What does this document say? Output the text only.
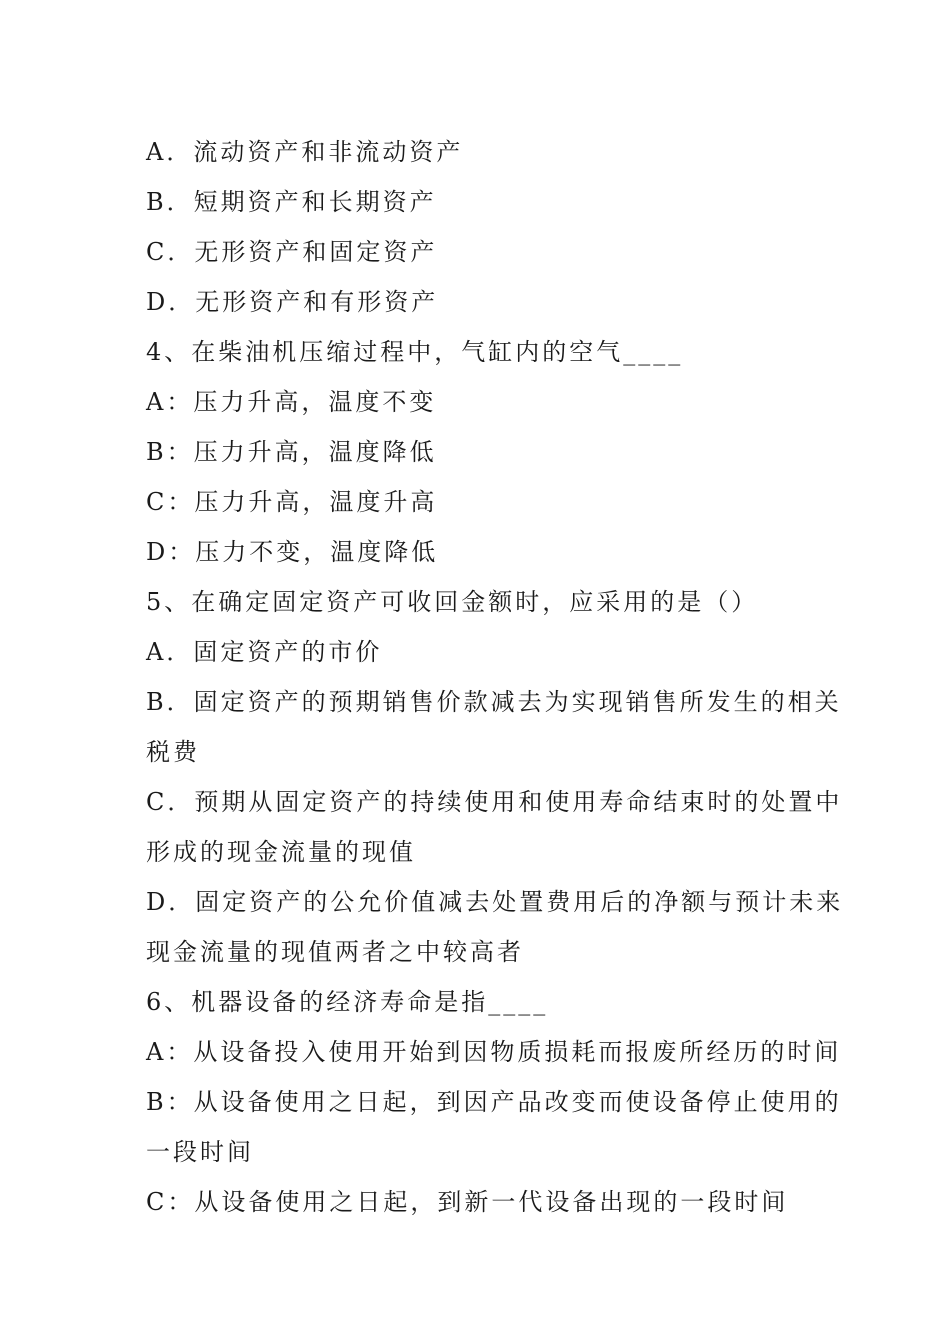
A．流动资产和非流动资产
B．短期资产和长期资产
C．无形资产和固定资产
D．无形资产和有形资产
4、在柴油机压缩过程中，气缸内的空气____
A：压力升高，温度不变
B：压力升高，温度降低
C：压力升高，温度升高
D：压力不变，温度降低
5、在确定固定资产可收回金额时，应采用的是（）
A．固定资产的市价
B．固定资产的预期销售价款减去为实现销售所发生的相关
税费
C．预期从固定资产的持续使用和使用寿命结束时的处置中
形成的现金流量的现值
D．固定资产的公允价值减去处置费用后的净额与预计未来
现金流量的现值两者之中较高者
6、机器设备的经济寿命是指____
A：从设备投入使用开始到因物质损耗而报废所经历的时间
B：从设备使用之日起，到因产品改变而使设备停止使用的
一段时间
C：从设备使用之日起，到新一代设备出现的一段时间
